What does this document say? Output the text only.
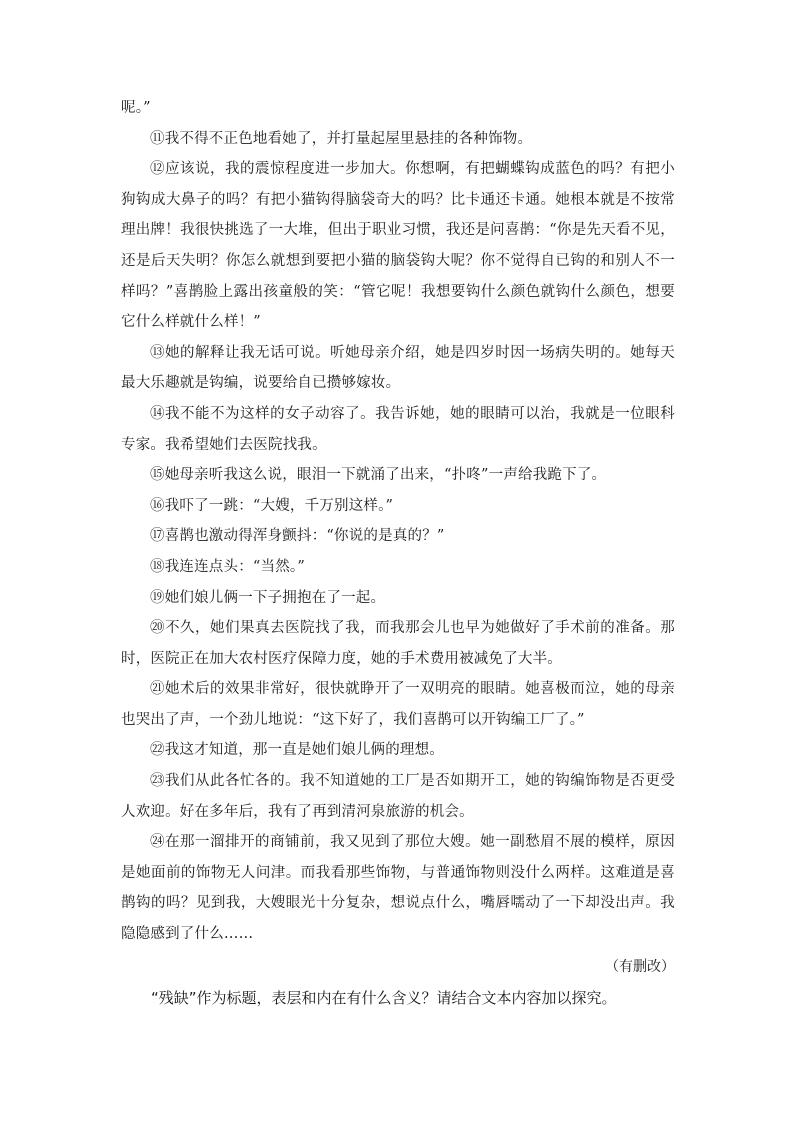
呢。”

⑪我不得不正色地看她了，并打量起屋里悬挂的各种饰物。

⑫应该说，我的震惊程度进一步加大。你想啊，有把蝴蝶钩成蓝色的吗？有把小狗钩成大鼻子的吗？有把小猫钩得脑袋奇大的吗？比卡通还卡通。她根本就是不按常理出牌！我很快挑选了一大堆，但出于职业习惯，我还是问喜鹊：“你是先天看不见，还是后天失明？你怎么就想到要把小猫的脑袋钩大呢？你不觉得自已钩的和别人不一样吗？”喜鹊脸上露出孩童般的笑：“管它呢！我想要钩什么颜色就钩什么颜色，想要它什么样就什么样！”

⑬她的解释让我无话可说。听她母亲介绍，她是四岁时因一场病失明的。她每天最大乐趣就是钩编，说要给自已攒够嫁妆。

⑭我不能不为这样的女子动容了。我告诉她，她的眼睛可以治，我就是一位眼科专家。我希望她们去医院找我。

⑮她母亲听我这么说，眼泪一下就涌了出来，“扑咚”一声给我跪下了。

⑯我吓了一跳：“大嫂，千万别这样。”

⑰喜鹊也激动得浑身颤抖：“你说的是真的？”

⑱我连连点头：“当然。”

⑲她们娘儿俩一下子拥抱在了一起。

⑳不久，她们果真去医院找了我，而我那会儿也早为她做好了手术前的准备。那时，医院正在加大农村医疗保障力度，她的手术费用被减免了大半。

㉑她术后的效果非常好，很快就睁开了一双明亮的眼睛。她喜极而泣，她的母亲也哭出了声，一个劲儿地说：“这下好了，我们喜鹊可以开钩编工厂了。”

㉒我这才知道，那一直是她们娘儿俩的理想。

㉓我们从此各忙各的。我不知道她的工厂是否如期开工，她的钩编饰物是否更受人欢迎。好在多年后，我有了再到清河泉旅游的机会。

㉔在那一溜排开的商铺前，我又见到了那位大嫂。她一副愁眉不展的模样，原因是她面前的饰物无人问津。而我看那些饰物，与普通饰物则没什么两样。这难道是喜鹊钩的吗？见到我，大嫂眼光十分复杂，想说点什么，嘴唇嚅动了一下却没出声。我隐隐感到了什么……

（有删改）

“残缺”作为标题，表层和内在有什么含义？请结合文本内容加以探究。
